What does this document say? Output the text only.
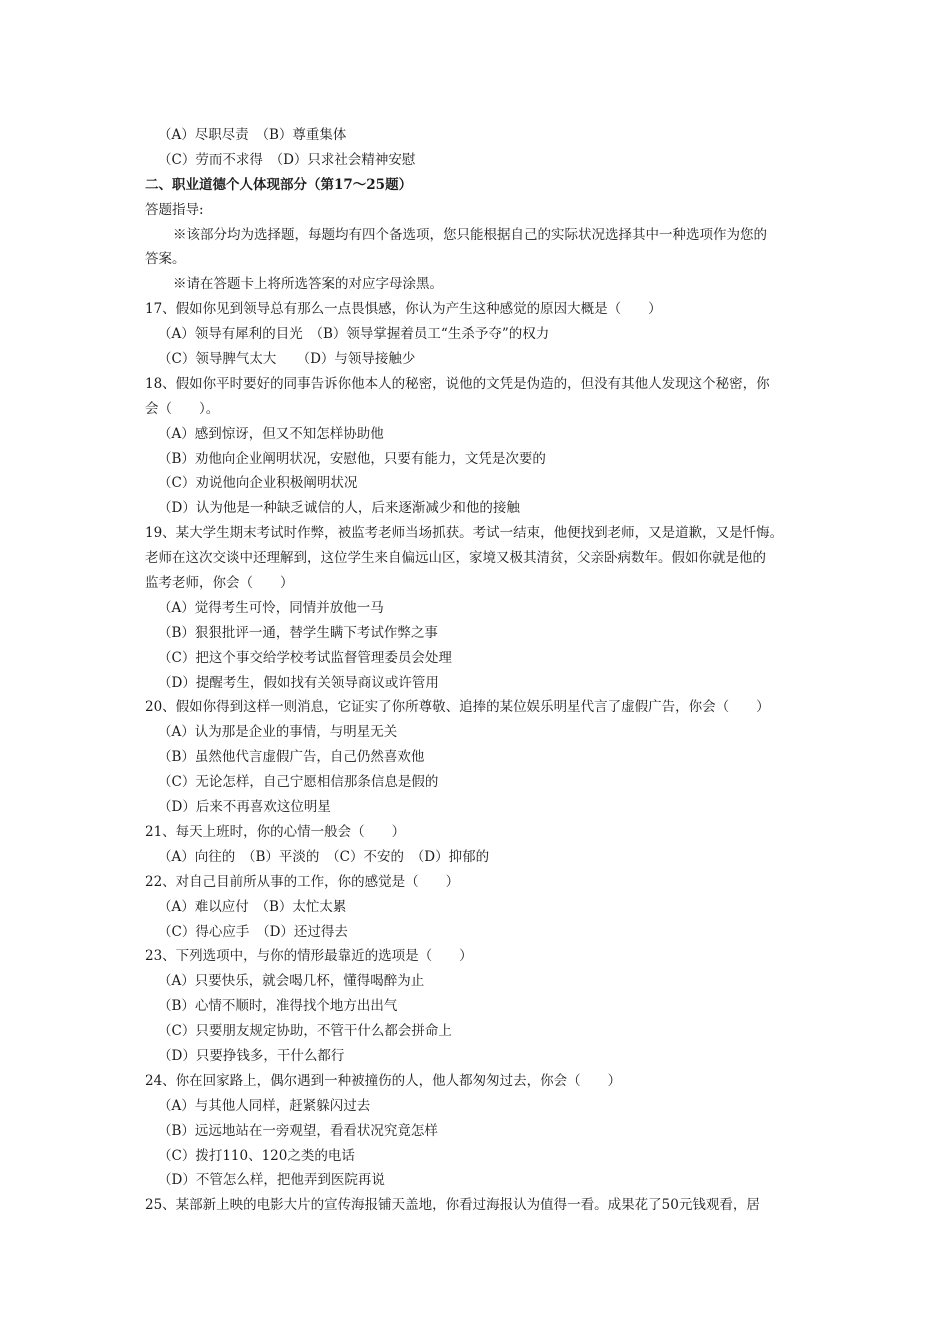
（A）尽职尽责　（B）尊重集体
（C）劳而不求得　（D）只求社会精神安慰
二、职业道德个人体现部分（第17～25题）
答题指导:
※该部分均为选择题，每题均有四个备选项，您只能根据自己的实际状况选择其中一种选项作为您的
答案。
※请在答题卡上将所选答案的对应字母涂黑。
17、假如你见到领导总有那么一点畏惧感，你认为产生这种感觉的原因大概是（　　）
（A）领导有犀利的目光　（B）领导掌握着员工“生杀予夺”的权力
（C）领导脾气太大　　（D）与领导接触少
18、假如你平时要好的同事告诉你他本人的秘密，说他的文凭是伪造的，但没有其他人发现这个秘密，你
会（　　）。
（A）感到惊讶，但又不知怎样协助他
（B）劝他向企业阐明状况，安慰他，只要有能力，文凭是次要的
（C）劝说他向企业积极阐明状况
（D）认为他是一种缺乏诚信的人，后来逐渐减少和他的接触
19、某大学生期末考试时作弊，被监考老师当场抓获。考试一结束，他便找到老师，又是道歉，又是忏悔。
老师在这次交谈中还理解到，这位学生来自偏远山区，家境又极其清贫，父亲卧病数年。假如你就是他的
监考老师，你会（　　）
（A）觉得考生可怜，同情并放他一马
（B）狠狠批评一通，替学生瞒下考试作弊之事
（C）把这个事交给学校考试监督管理委员会处理
（D）提醒考生，假如找有关领导商议或许管用
20、假如你得到这样一则消息，它证实了你所尊敬、追捧的某位娱乐明星代言了虚假广告，你会（　　）
（A）认为那是企业的事情，与明星无关
（B）虽然他代言虚假广告，自己仍然喜欢他
（C）无论怎样，自己宁愿相信那条信息是假的
（D）后来不再喜欢这位明星
21、每天上班时，你的心情一般会（　　）
（A）向往的　（B）平淡的　（C）不安的　（D）抑郁的
22、对自己目前所从事的工作，你的感觉是（　　）
（A）难以应付　（B）太忙太累
（C）得心应手　（D）还过得去
23、下列选项中，与你的情形最靠近的选项是（　　）
（A）只要快乐，就会喝几杯，懂得喝醉为止
（B）心情不顺时，准得找个地方出出气
（C）只要朋友规定协助，不管干什么都会拼命上
（D）只要挣钱多，干什么都行
24、你在回家路上，偶尔遇到一种被撞伤的人，他人都匆匆过去，你会（　　）
（A）与其他人同样，赶紧躲闪过去
（B）远远地站在一旁观望，看看状况究竟怎样
（C）拨打110、120之类的电话
（D）不管怎么样，把他弄到医院再说
25、某部新上映的电影大片的宣传海报铺天盖地，你看过海报认为值得一看。成果花了50元钱观看，居
